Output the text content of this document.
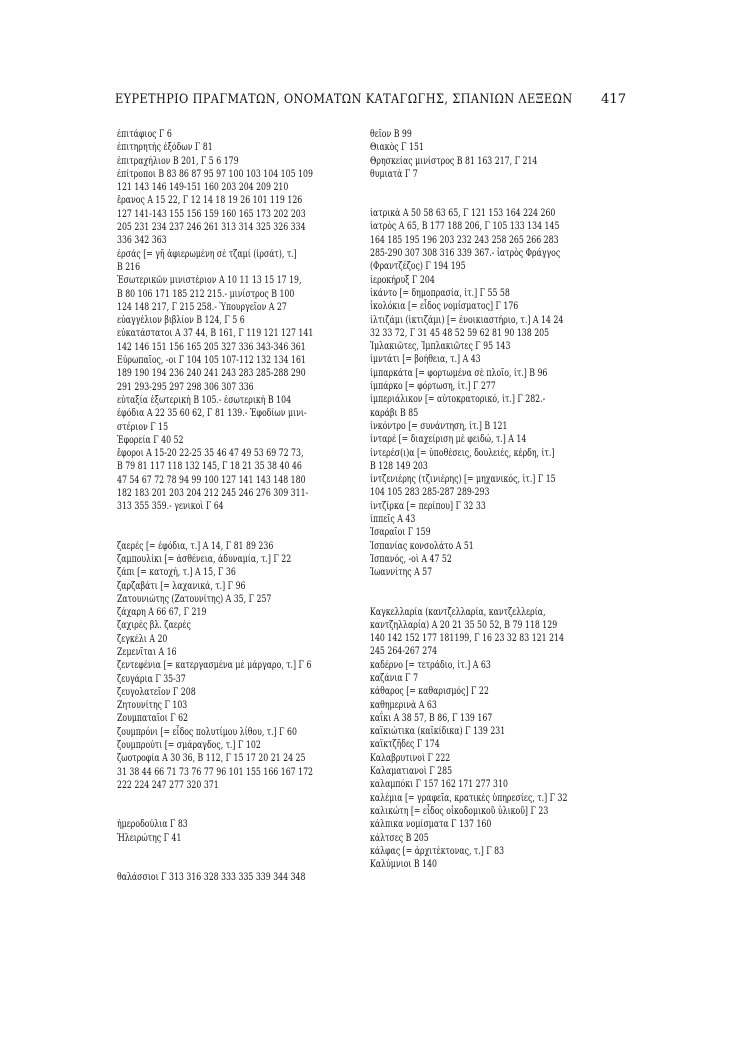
ΕΥΡΕΤΗΡΙΟ ΠΡΑΓΜΑΤΩΝ, ΟΝΟΜΑΤΩΝ ΚΑΤΑΓΩΓΗΣ, ΣΠΑΝΙΩΝ ΛΕΞΕΩΝ 417
ἐπιτάφιος Γ 6
ἐπιτηρητὴς ἐξόδων Γ 81
ἐπιτραχήλιον Β 201, Γ 5 6 179
ἐπίτροποι Β 83 86 87 95 97 100 103 104 105 109
121 143 146 149-151 160 203 204 209 210
ἔρανος Α 15 22, Γ 12 14 18 19 26 101 119 126
127 141-143 155 156 159 160 165 173 202 203
205 231 234 237 246 261 313 314 325 326 334
336 342 363
ἐρσάς [= γῆ ἀφιερωμένη σὲ τζαμί (ἰρσάτ), τ.]
Β 216
Ἐσωτερικῶν μινιστέριον Α 10 11 13 15 17 19,
Β 80 106 171 185 212 215.- μινίστρος Β 100
124 148 217, Γ 215 258.- Ὑπουργεῖον Α 27
εὐαγγέλιον βιβλίον Β 124, Γ 5 6
εὐκατάστατοι Α 37 44, Β 161, Γ 119 121 127 141
142 146 151 156 165 205 327 336 343-346 361
Εὐρωπαῖος, -οι Γ 104 105 107-112 132 134 161
189 190 194 236 240 241 243 283 285-288 290
291 293-295 297 298 306 307 336
εὐταξία ἐξωτερικὴ Β 105.- ἐσωτερικὴ Β 104
ἐφόδια Α 22 35 60 62, Γ 81 139.- Ἐφοδίων μινι-
στέριον Γ 15
Ἐφορεία Γ 40 52
ἔφοροι Α 15-20 22-25 35 46 47 49 53 69 72 73,
Β 79 81 117 118 132 145, Γ 18 21 35 38 40 46
47 54 67 72 78 94 99 100 127 141 143 148 180
182 183 201 203 204 212 245 246 276 309 311-
313 355 359.- γενικοὶ Γ 64
ζαερές [= ἐφόδια, τ.] Α 14, Γ 81 89 236
ζαμπουλίκι [= ἀσθένεια, ἀδυναμία, τ.] Γ 22
ζάπι [= κατοχή, τ.] Α 15, Γ 36
ζαρζαβάτι [= λαχανικά, τ.] Γ 96
Ζατουνιώτης (Ζατουνίτης) Α 35, Γ 257
ζάχαρη Α 66 67, Γ 219
ζαχιρὲς βλ. ζαερές
ζεγκέλι Α 20
Ζεμενῖται Α 16
ζεντεφένια [= κατεργασμένα μὲ μάργαρο, τ.] Γ 6
ζευγάρια Γ 35-37
ζευγολατεῖον Γ 208
Ζητουνίτης Γ 103
Ζουμπαταῖοι Γ 62
ζουμπρόνι [= εἶδος πολυτίμου λίθου, τ.] Γ 60
ζουμπρούτι [= σμάραγδος, τ.] Γ 102
ζωοτροφία Α 30 36, Β 112, Γ 15 17 20 21 24 25
31 38 44 66 71 73 76 77 96 101 155 166 167 172
222 224 247 277 320 371
ἡμεροδούλια Γ 83
Ἠλειρώτης Γ 41
θαλάσσιοι Γ 313 316 328 333 335 339 344 348
θεῖον Β 99
Θιακὸς Γ 151
Θρησκείας μινίστρος Β 81 163 217, Γ 214
θυμιατὰ Γ 7
ἰατρικὰ Α 50 58 63 65, Γ 121 153 164 224 260
ἰατρὸς Α 65, Β 177 188 206, Γ 105 133 134 145
164 185 195 196 203 232 243 258 265 266 283
285-290 307 308 316 339 367.- ἰατρὸς Φράγγος
(Φραντζέζος) Γ 194 195
ἱεροκήρυξ Γ 204
ἰκάντο [= δημοπρασία, ἰτ.] Γ 55 58
ἰκολόκια [= εἶδος νομίσματος] Γ 176
ἰλτιζάμι (ἰκτιζάμι) [= ἐνοικιαστήριο, τ.] Α 14 24
32 33 72, Γ 31 45 48 52 59 62 81 90 138 205
Ἰμλακιῶτες, Ἰμπλακιῶτες Γ 95 143
ἰμντάτι [= βοήθεια, τ.] Α 43
ἰμπαρκάτα [= φορτωμένα σὲ πλοῖο, ἰτ.] Β 96
ἰμπάρκο [= φόρτωση, ἰτ.] Γ 277
ἰμπεριάλικον [= αὐτοκρατορικό, ἰτ.] Γ 282.-
καράβι Β 85
ἰνκόντρο [= συνάντηση, ἰτ.] Β 121
ἰνταρὲ [= διαχείριση μὲ φειδώ, τ.] Α 14
ἰντερέσ(ι)α [= ὑποθέσεις, δουλειές, κέρδη, ἰτ.]
Β 128 149 203
ἰντζενιέρης (τζινιέρης) [= μηχανικός, ἰτ.] Γ 15
104 105 283 285-287 289-293
ἰντζίρκα [= περίπου] Γ 32 33
ἱππεῖς Α 43
Ἰσαραῖοι Γ 159
Ἰσπανίας κονσολάτο Α 51
Ἰσπανός, -οὶ Α 47 52
Ἰωαννίτης Α 57
Καγκελλαρία (καντζελλαρία, καντζελλερία,
καντζηλλαρία) Α 20 21 35 50 52, Β 79 118 129
140 142 152 177 181199, Γ 16 23 32 83 121 214
245 264-267 274
καδέρνο [= τετράδιο, ἰτ.] Α 63
καζάνια Γ 7
κάθαρος [= καθαρισμός] Γ 22
καθημερινὰ Α 63
καΐκι Α 38 57, Β 86, Γ 139 167
καϊκιώτικα (καϊκίδικα) Γ 139 231
καϊκτζῆδες Γ 174
Καλαβρυτινοὶ Γ 222
Καλαματιανοὶ Γ 285
καλαμπόκι Γ 157 162 171 277 310
καλέμια [= γραφεῖα, κρατικὲς ὑπηρεσίες, τ.] Γ 32
καλικώτη [= εἶδος οἰκοδομικοῦ ὑλικοῦ] Γ 23
κάλπικα νομίσματα Γ 137 160
κάλτσες Β 205
κάλφας [= ἀρχιτέκτονας, τ.] Γ 83
Καλύμνιοι Β 140
